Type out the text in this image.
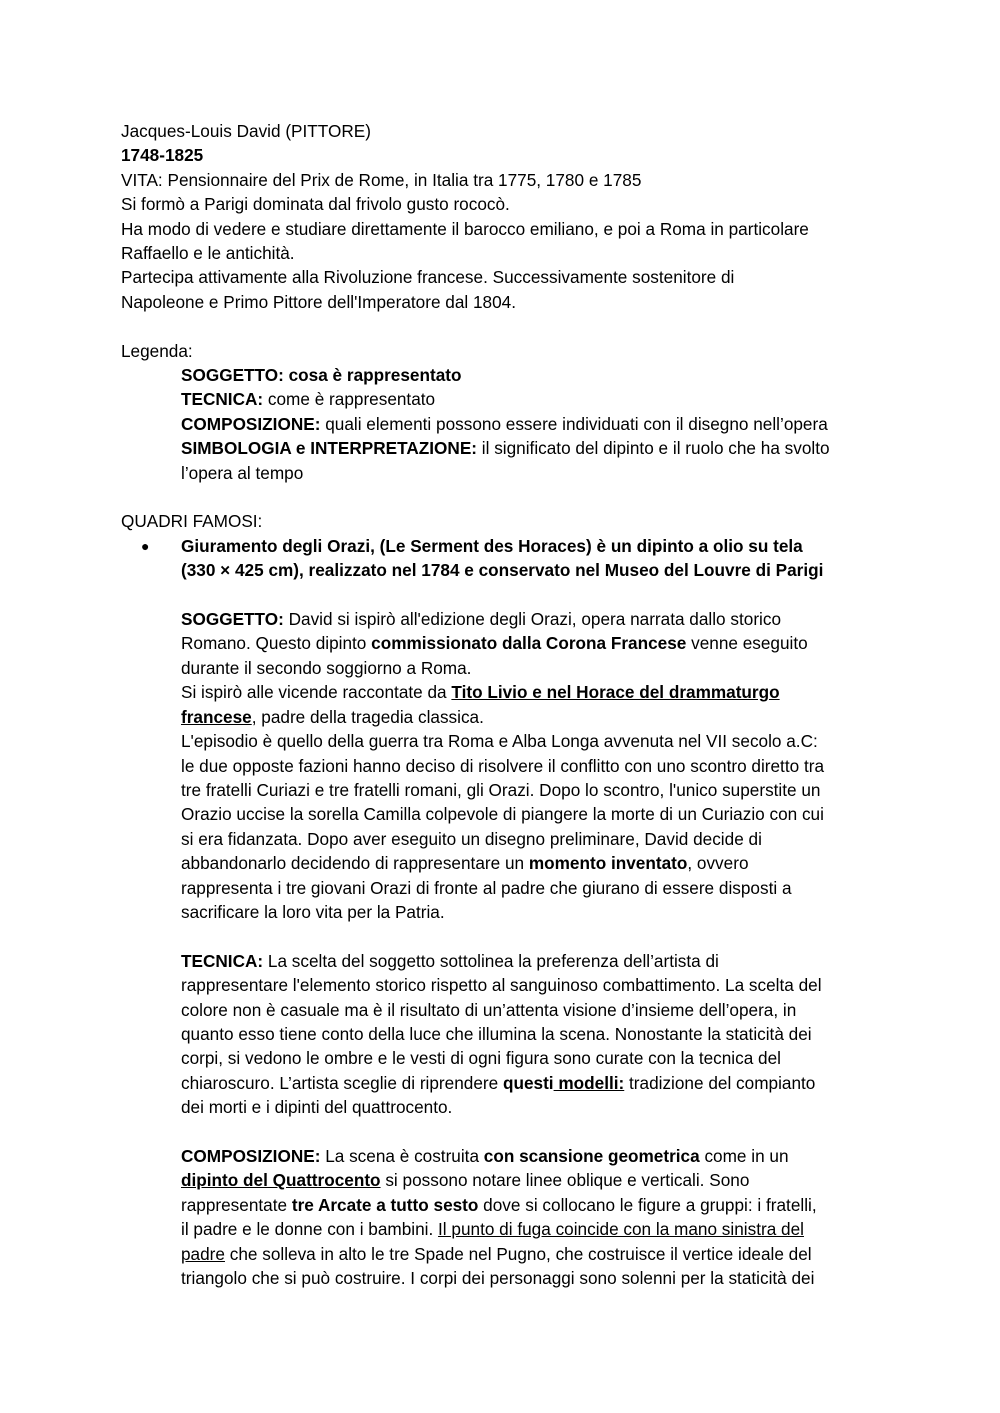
Jacques-Louis David (PITTORE)

1748-1825

VITA: Pensionnaire del Prix de Rome, in Italia tra 1775, 1780 e 1785

Si formò a Parigi dominata dal frivolo gusto rococò.

Ha modo di vedere e studiare direttamente il barocco emiliano, e poi a Roma in particolare

Raffaello e le antichità.

Partecipa attivamente alla Rivoluzione francese. Successivamente sostenitore di

Napoleone e Primo Pittore dell'Imperatore dal 1804.

Legenda:

SOGGETTO: cosa è rappresentato

TECNICA: come è rappresentato

COMPOSIZIONE: quali elementi possono essere individuati con il disegno nell’opera

SIMBOLOGIA e INTERPRETAZIONE: il significato del dipinto e il ruolo che ha svolto

l’opera al tempo

QUADRI FAMOSI:

● Giuramento degli Orazi, (Le Serment des Horaces) è un dipinto a olio su tela

(330 × 425 cm), realizzato nel 1784 e conservato nel Museo del Louvre di Parigi

SOGGETTO: David si ispirò all'edizione degli Orazi, opera narrata dallo storico

Romano. Questo dipinto commissionato dalla Corona Francese venne eseguito

durante il secondo soggiorno a Roma.

Si ispirò alle vicende raccontate da Tito Livio e nel Horace del drammaturgo

francese, padre della tragedia classica.

L'episodio è quello della guerra tra Roma e Alba Longa avvenuta nel VII secolo a.C:

le due opposte fazioni hanno deciso di risolvere il conflitto con uno scontro diretto tra

tre fratelli Curiazi e tre fratelli romani, gli Orazi. Dopo lo scontro, l'unico superstite un

Orazio uccise la sorella Camilla colpevole di piangere la morte di un Curiazio con cui

si era fidanzata. Dopo aver eseguito un disegno preliminare, David decide di

abbandonarlo decidendo di rappresentare un momento inventato, ovvero

rappresenta i tre giovani Orazi di fronte al padre che giurano di essere disposti a

sacrificare la loro vita per la Patria.

TECNICA: La scelta del soggetto sottolinea la preferenza dell’artista di

rappresentare l'elemento storico rispetto al sanguinoso combattimento. La scelta del

colore non è casuale ma è il risultato di un’attenta visione d’insieme dell’opera, in

quanto esso tiene conto della luce che illumina la scena. Nonostante la staticità dei

corpi, si vedono le ombre e le vesti di ogni figura sono curate con la tecnica del

chiaroscuro. L’artista sceglie di riprendere questi modelli: tradizione del compianto

dei morti e i dipinti del quattrocento.

COMPOSIZIONE: La scena è costruita con scansione geometrica come in un

dipinto del Quattrocento si possono notare linee oblique e verticali. Sono

rappresentate tre Arcate a tutto sesto dove si collocano le figure a gruppi: i fratelli,

il padre e le donne con i bambini. Il punto di fuga coincide con la mano sinistra del

padre che solleva in alto le tre Spade nel Pugno, che costruisce il vertice ideale del

triangolo che si può costruire. I corpi dei personaggi sono solenni per la staticità dei
